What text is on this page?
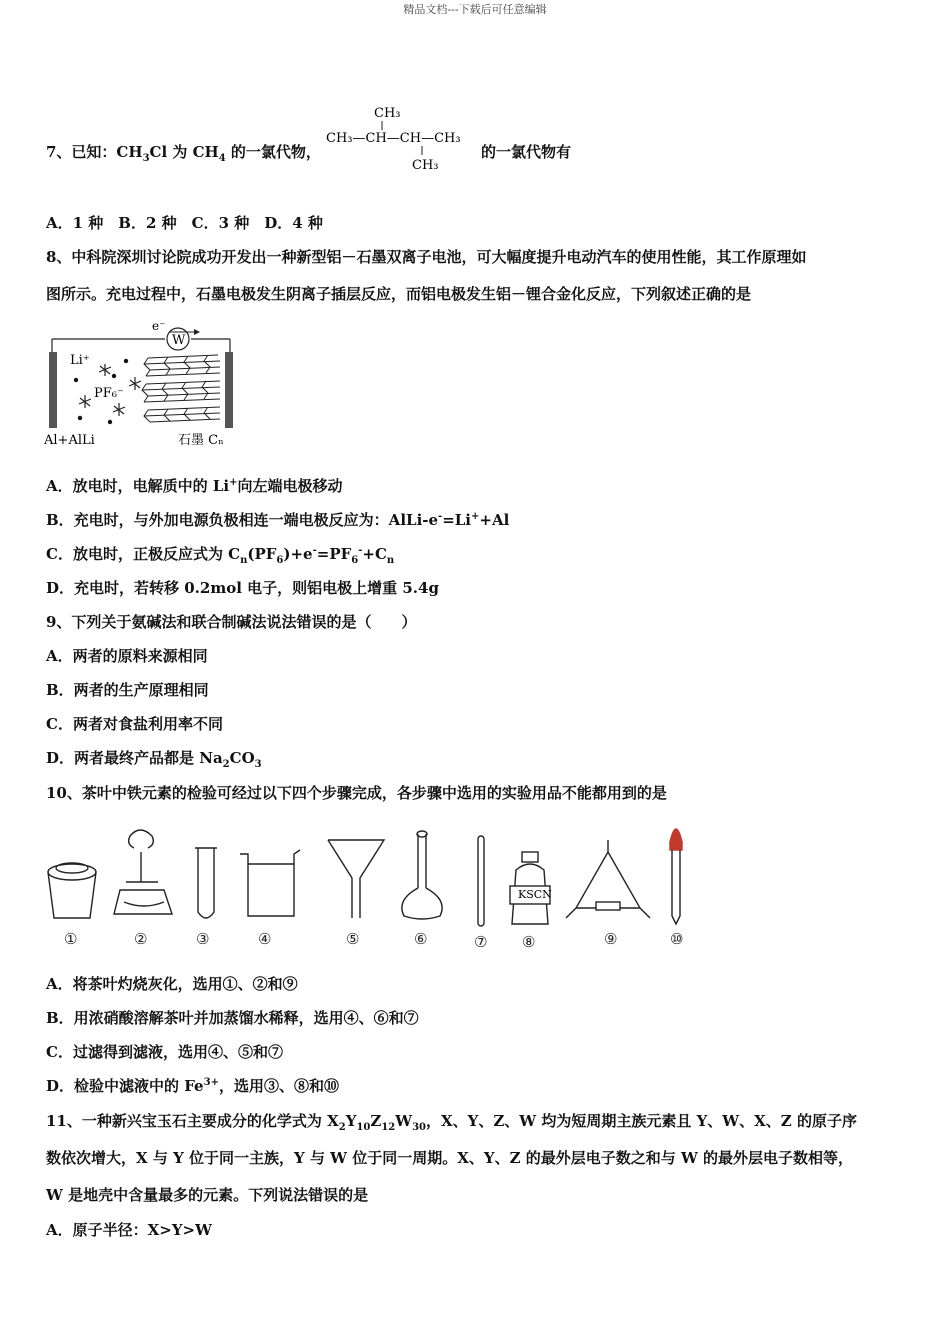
精品文档---下载后可任意编辑
7、已知：$CH_3Cl$ 为 $CH_4$ 的一氯代物，
CH₃
CH₃—CH—CH—CH₃
CH₃
的一氯代物有
A．1 种　B．2 种　C．3 种　D．4 种
8、中科院深圳讨论院成功开发出一种新型铝－石墨双离子电池，可大幅度提升电动汽车的使用性能，其工作原理如
图所示。充电过程中，石墨电极发生阴离子插层反应，而铝电极发生铝－锂合金化反应，下列叙述正确的是
W
e⁻
Li⁺
PF₆⁻
Al+AlLi	石墨 Cₙ
A．放电时，电解质中的 Li+向左端电极移动
B．充电时，与外加电源负极相连一端电极反应为：AlLi-e-=Li++Al
C．放电时，正极反应式为 $C_n(PF_6)+e^-=PF_6^-+C_n$
D．充电时，若转移 0.2mol 电子，则铝电极上增重 5.4g
9、下列关于氨碱法和联合制碱法说法错误的是（　　）
A．两者的原料来源相同
B．两者的生产原理相同
C．两者对食盐利用率不同
D．两者最终产品都是 $Na_2CO_3$
10、茶叶中铁元素的检验可经过以下四个步骤完成，各步骤中选用的实验用品不能都用到的是
KSCN
①	②	③	④	⑤	⑥	⑦ ⑧	⑨	⑩
A．将茶叶灼烧灰化，选用①、②和⑨
B．用浓硝酸溶解茶叶并加蒸馏水稀释，选用④、⑥和⑦
C．过滤得到滤液，选用④、⑤和⑦
D．检验中滤液中的 $Fe^{3+}$，选用③、⑧和⑩
11、一种新兴宝玉石主要成分的化学式为 $X_2Y_{10}Z_{12}W_{30}$，X、Y、Z、W 均为短周期主族元素且 Y、W、X、Z 的原子序
数依次增大，X 与 Y 位于同一主族，Y 与 W 位于同一周期。X、Y、Z 的最外层电子数之和与 W 的最外层电子数相等，
W 是地壳中含量最多的元素。下列说法错误的是
A．原子半径：X>Y>W
